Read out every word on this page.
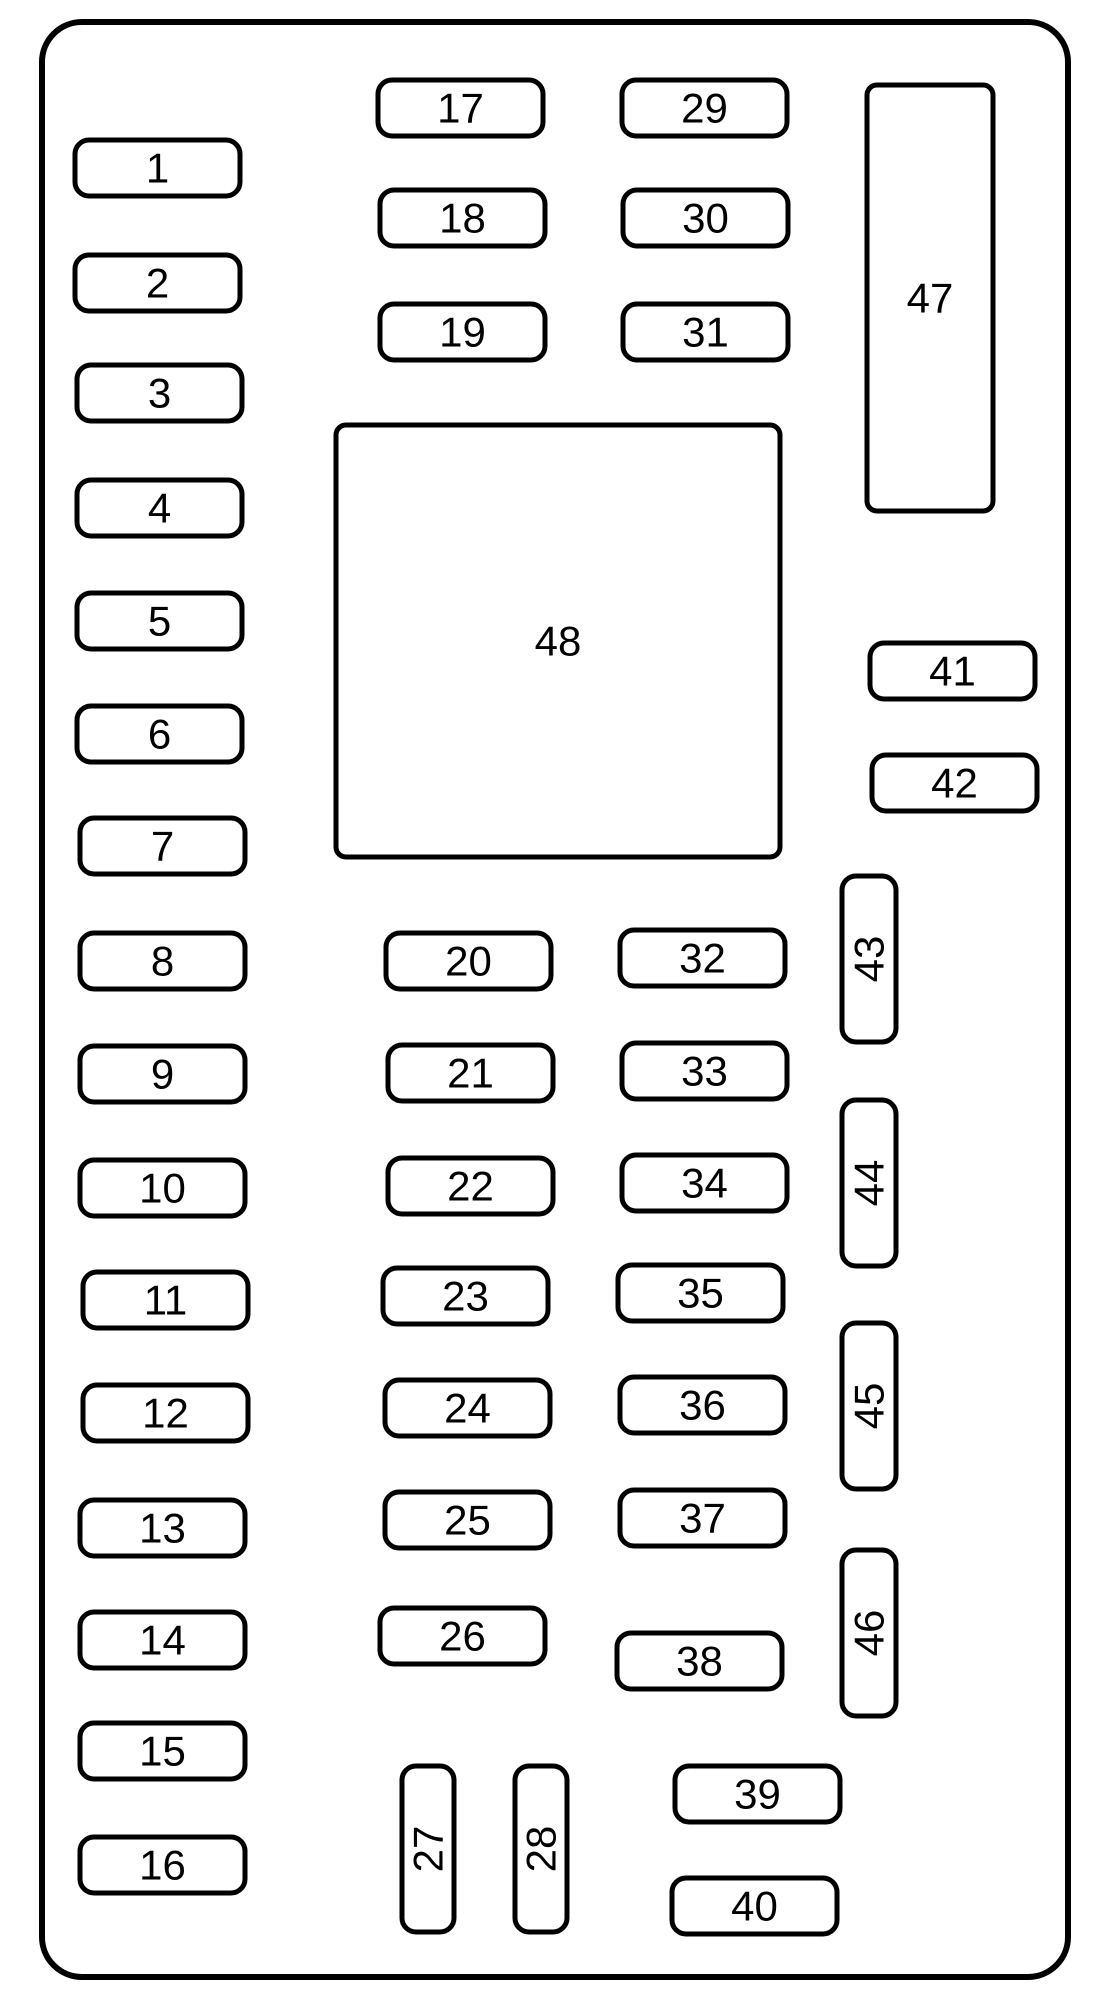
1
2
3
4
5
6
7
8
9
10
11
12
13
14
15
16
17
18
19
20
21
22
23
24
25
26
27 28
29
30
31
32
33
34
35
36
37
38
39
40
41
42
43
44
45
46
47
48
